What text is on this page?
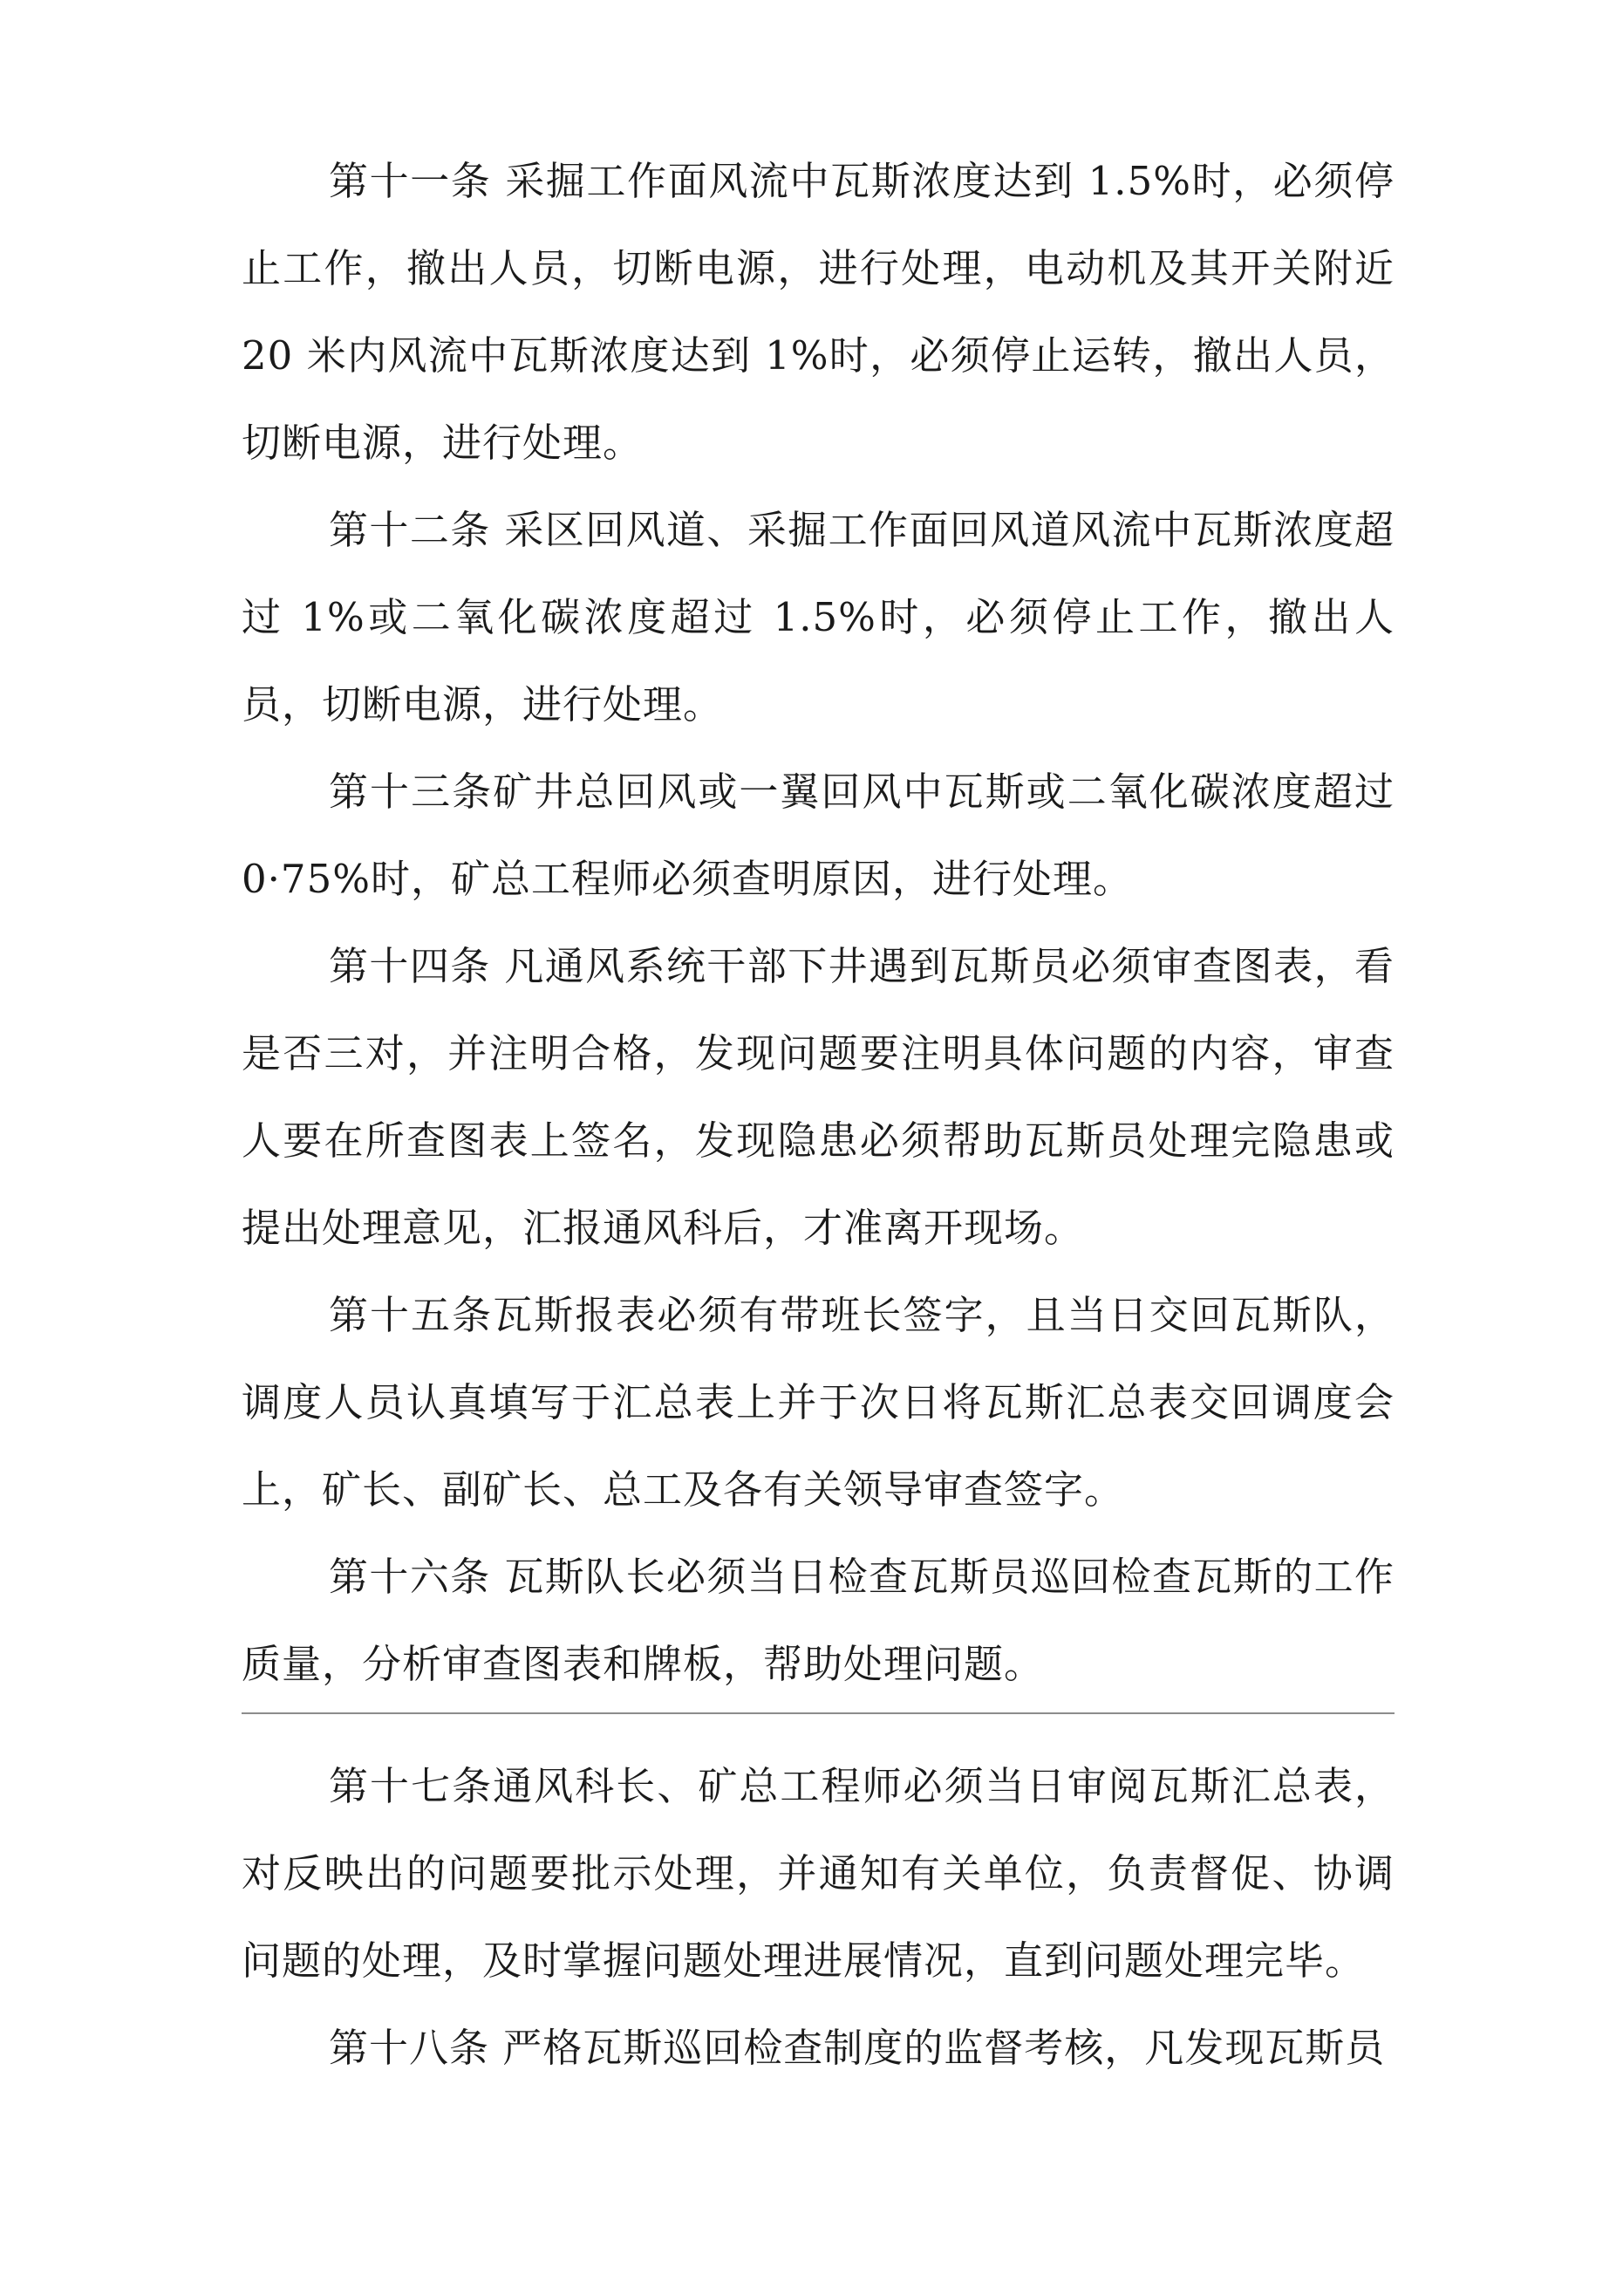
第十一条 采掘工作面风流中瓦斯浓度达到 1.5%时，必须停止工作，撤出人员，切断电源，进行处理，电动机及其开关附近 20 米内风流中瓦斯浓度达到 1%时，必须停止运转，撤出人员，切断电源，进行处理。

第十二条 采区回风道、采掘工作面回风道风流中瓦斯浓度超过 1%或二氧化碳浓度超过 1.5%时，必须停止工作，撤出人员，切断电源，进行处理。

第十三条矿井总回风或一翼回风中瓦斯或二氧化碳浓度超过 0·75%时，矿总工程师必须查明原因，进行处理。

第十四条 凡通风系统干部下井遇到瓦斯员必须审查图表，看是否三对，并注明合格，发现问题要注明具体问题的内容，审查人要在所查图表上签名，发现隐患必须帮助瓦斯员处理完隐患或提出处理意见，汇报通风科后，才准离开现场。

第十五条瓦斯报表必须有带班长签字，且当日交回瓦斯队，调度人员认真填写于汇总表上并于次日将瓦斯汇总表交回调度会上，矿长、副矿长、总工及各有关领导审查签字。

第十六条 瓦斯队长必须当日检查瓦斯员巡回检查瓦斯的工作质量，分析审查图表和牌板，帮助处理问题。

第十七条通风科长、矿总工程师必须当日审阅瓦斯汇总表，对反映出的问题要批示处理，并通知有关单位，负责督促、协调问题的处理，及时掌握问题处理进展情况，直到问题处理完毕。

第十八条 严格瓦斯巡回检查制度的监督考核，凡发现瓦斯员
